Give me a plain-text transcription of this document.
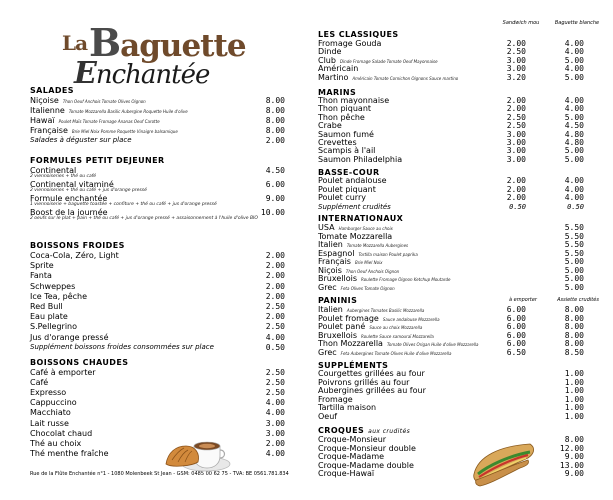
LaBaguette
Enchantée
SALADES
Niçoise Thon Oeuf Anchois Tomate Olives Oignon	8.00
Italienne Tomate Mozzarella Basilic Aubergine Roquette Huile d'olive	8.00
Hawaï Poulet Maïs Tomate Fromage Ananas Oeuf Carotte	8.00
Française Brie Miel Noix Pomme Roquette Vinaigre balsamique	8.00
Salades à déguster sur place	2.00
FORMULES PETIT DEJEUNER
Continental	4.50
2 viennoiseries + thé ou café
Continental vitaminé	6.00
2 viennoiseries + thé ou café + jus d'orange pressé
Formule enchantée	9.00
1 viennoiserie + baguette toastée + confiture + thé ou café + jus d'orange pressé
Boost de la journée	10.00
2 oeufs sur le plat + pain + thé ou café + jus d'orange pressé + assaisonnement à l'huile d'olive BIO
BOISSONS FROIDES
Coca-Cola, Zéro, Light	2.00
Sprite	2.00
Fanta	2.00
Schweppes	2.00
Ice Tea, pêche	2.00
Red Bull	2.50
Eau plate	2.00
S.Pellegrino	2.50
Jus d'orange pressé	4.00
Supplément boissons froides consommées sur place	0.50
BOISSONS CHAUDES
Café à emporter	2.50
Café	2.50
Expresso	2.50
Cappuccino	4.00
Macchiato	4.00
Lait russe	3.00
Chocolat chaud	3.00
Thé au choix	2.00
Thé menthe fraîche	4.00
Rue de la Flûte Enchantée n°1 - 1080 Molenbeek St Jean - GSM: 0485 00 62 75 - TVA: BE 0561.781.834
Sandwich mou	Baguette blanche
LES CLASSIQUES
Fromage Gouda	2.00	4.00
Dinde	2.50	4.00
Club Dinde Fromage Salade Tomate Oeuf Mayonnaise	3.00	5.00
Américain	3.00	4.00
Martino Américain Tomate Cornichon Oignons Sauce martino	3.20	5.00
MARINS
Thon mayonnaise	2.00	4.00
Thon piquant	2.00	4.00
Thon pêche	2.50	5.00
Crabe	2.50	4.50
Saumon fumé	3.00	4.80
Crevettes	3.00	4.80
Scampis à l'ail	3.00	5.00
Saumon Philadelphia	3.00	5.00
BASSE-COUR
Poulet andalouse	2.00	4.00
Poulet piquant	2.00	4.00
Poulet curry	2.00	4.00
Supplément crudités	0.50	0.50
INTERNATIONAUX
USA Hamburger Sauce au choix	5.50
Tomate Mozzarella	5.50
Italien Tomate Mozzarella Aubergines	5.50
Espagnol Tortilla maison Poulet paprika	5.50
Français Brie Miel Noix	5.00
Niçois Thon Oeuf Anchois Oignon	5.00
Bruxellois Roulette Fromage Oignon Ketchup Moutarde	5.00
Grec Feta Olives Tomate Oignon	5.00
PANINIS	à emporter	Assiette crudités
Italien Aubergines Tomates Basilic Mozzarella	6.00	8.00
Poulet fromage Sauce andalouse Mozzarella	6.00	8.00
Poulet pané Sauce au choix Mozzarella	6.00	8.00
Bruxellois Roulette Sauce samouraï Mozzarella	6.00	8.00
Thon Mozzarella Tomate Olives Origan Huile d'olive Mozzarella	6.00	8.00
Grec Feta Aubergines Tomate Olives Huile d'olive Mozzarella	6.50	8.50
SUPPLÉMENTS
Courgettes grillées au four	1.00
Poivrons grillés au four	1.00
Aubergines grillées au four	1.00
Fromage	1.00
Tartilla maison	1.00
Oeuf	1.00
CROQUES aux crudités
Croque-Monsieur	8.00
Croque-Monsieur double	12.00
Croque-Madame	9.00
Croque-Madame double	13.00
Croque-Hawaï	9.00
